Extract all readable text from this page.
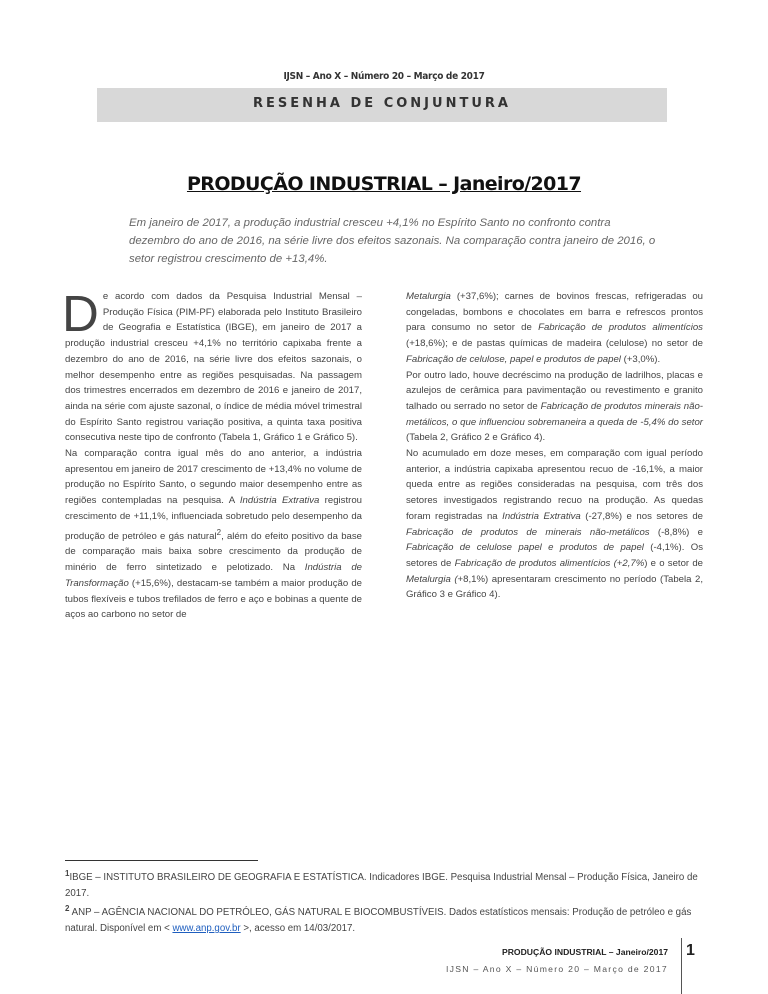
IJSN – Ano X – Número 20 – Março de 2017
RESENHA DE CONJUNTURA
PRODUÇÃO INDUSTRIAL – Janeiro/2017
Em janeiro de 2017, a produção industrial cresceu +4,1% no Espírito Santo no confronto contra dezembro do ano de 2016, na série livre dos efeitos sazonais. Na comparação contra janeiro de 2016, o setor registrou crescimento de +13,4%.

De acordo com dados da Pesquisa Industrial Mensal – Produção Física (PIM-PF) elaborada pelo Instituto Brasileiro de Geografia e Estatística (IBGE), em janeiro de 2017 a produção industrial cresceu +4,1% no território capixaba frente a dezembro do ano de 2016, na série livre dos efeitos sazonais, o melhor desempenho entre as regiões pesquisadas. Na passagem dos trimestres encerrados em dezembro de 2016 e janeiro de 2017, ainda na série com ajuste sazonal, o índice de média móvel trimestral do Espírito Santo registrou variação positiva, a quinta taxa positiva consecutiva neste tipo de confronto (Tabela 1, Gráfico 1 e Gráfico 5).

Na comparação contra igual mês do ano anterior, a indústria apresentou em janeiro de 2017 crescimento de +13,4% no volume de produção no Espírito Santo, o segundo maior desempenho entre as regiões contempladas na pesquisa. A Indústria Extrativa registrou crescimento de +11,1%, influenciada sobretudo pelo desempenho da produção de petróleo e gás natural$^2$, além do efeito positivo da base de comparação mais baixa sobre crescimento da produção de minério de ferro sintetizado e pelotizado. Na Indústria de Transformação (+15,6%), destacam-se também a maior produção de tubos flexíveis e tubos trefilados de ferro e aço e bobinas a quente de aços ao carbono no setor de

Metalurgia (+37,6%); carnes de bovinos frescas, refrigeradas ou congeladas, bombons e chocolates em barra e refrescos prontos para consumo no setor de Fabricação de produtos alimentícios (+18,6%); e de pastas químicas de madeira (celulose) no setor de Fabricação de celulose, papel e produtos de papel (+3,0%).

Por outro lado, houve decréscimo na produção de ladrilhos, placas e azulejos de cerâmica para pavimentação ou revestimento e granito talhado ou serrado no setor de Fabricação de produtos minerais não-metálicos, o que influenciou sobremaneira a queda de -5,4% do setor (Tabela 2, Gráfico 2 e Gráfico 4).

No acumulado em doze meses, em comparação com igual período anterior, a indústria capixaba apresentou recuo de -16,1%, a maior queda entre as regiões consideradas na pesquisa, com três dos setores investigados registrando recuo na produção. As quedas foram registradas na Indústria Extrativa (-27,8%) e nos setores de Fabricação de produtos de minerais não-metálicos (-8,8%) e Fabricação de celulose papel e produtos de papel (-4,1%). Os setores de Fabricação de produtos alimentícios (+2,7%) e o setor de Metalurgia (+8,1%) apresentaram crescimento no período (Tabela 2, Gráfico 3 e Gráfico 4).

$^1$IBGE – INSTITUTO BRASILEIRO DE GEOGRAFIA E ESTATÍSTICA. Indicadores IBGE. Pesquisa Industrial Mensal – Produção Física, Janeiro de 2017.

$^2$ ANP – AGÊNCIA NACIONAL DO PETRÓLEO, GÁS NATURAL E BIOCOMBUSTÍVEIS. Dados estatísticos mensais: Produção de petróleo e gás natural. Disponível em < www.anp.gov.br >, acesso em 14/03/2017.

PRODUÇÃO INDUSTRIAL – Janeiro/2017
IJSN – Ano X – Número 20 – Março de 2017
1
